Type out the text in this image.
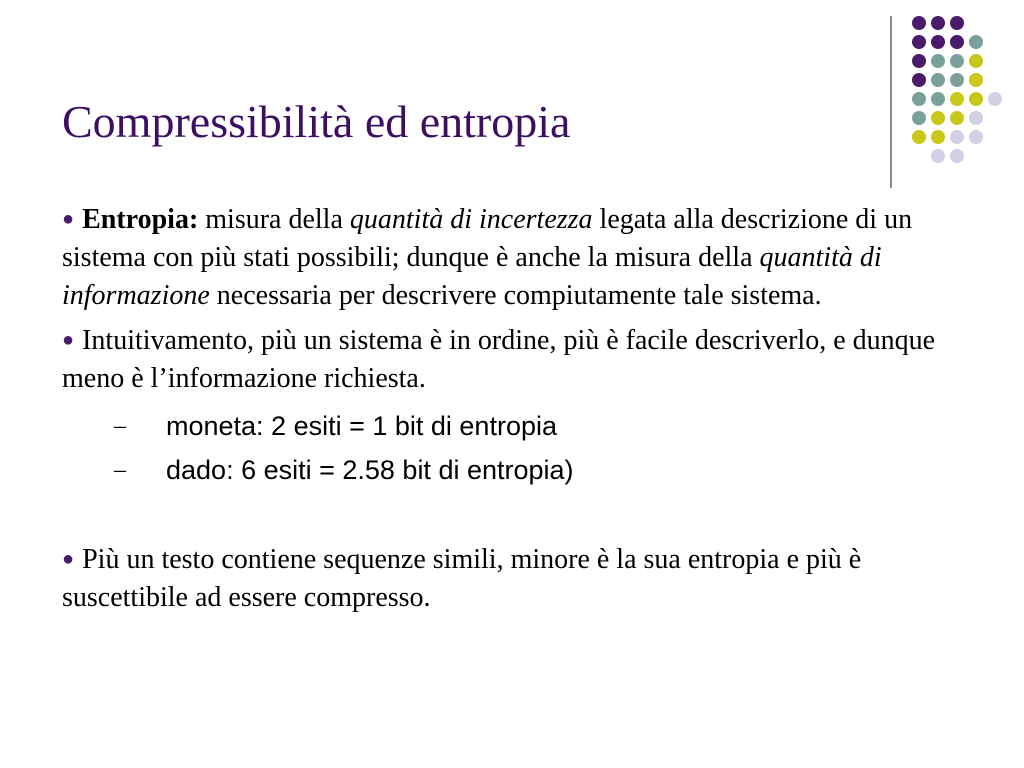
Compressibilità ed entropia

● Entropia: misura della quantità di incertezza legata alla descrizione di un sistema con più stati possibili; dunque è anche la misura della quantità di informazione necessaria per descrivere compiutamente tale sistema.

● Intuitivamento, più un sistema è in ordine, più è facile descriverlo, e dunque meno è l’informazione richiesta.

– moneta: 2 esiti = 1 bit di entropia

– dado: 6 esiti = 2.58 bit di entropia)

● Più un testo contiene sequenze simili, minore è la sua entropia e più è suscettibile ad essere compresso.
